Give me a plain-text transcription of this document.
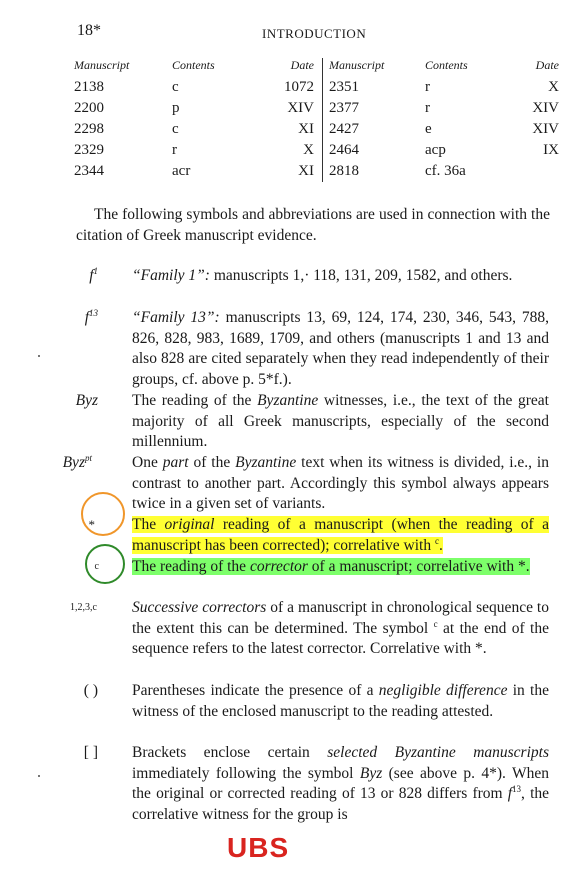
18*	INTRODUCTION
Manuscript	Contents	Date	Manuscript	Contents	Date
2138	c	1072	2351	r	X
2200	p	XIV	2377	r	XIV
2298	c	XI	2427	e	XIV
2329	r	X	2464	acp	IX
2344	acr	XI	2818	cf. 36a	
The following symbols and abbreviations are used in connection with the citation of Greek manuscript evidence.
$f^1$ “Family 1”: manuscripts 1,· 118, 131, 209, 1582, and others.
$f^{13}$ “Family 13”: manuscripts 13, 69, 124, 174, 230, 346, 543, 788, 826, 828, 983, 1689, 1709, and others (manuscripts 1 and 13 and also 828 are cited separately when they read independently of their groups, cf. above p. 5*f.).
Byz The reading of the Byzantine witnesses, i.e., the text of the great majority of all Greek manuscripts, especially of the second millennium.
Byz$^{pt}$	One part of the Byzantine text when its witness is divided, i.e., in contrast to another part. Accordingly this symbol always appears twice in a given set of variants.
* The original reading of a manuscript (when the reading of a manuscript has been corrected); correlative with $^c$.
$^c$ The reading of the corrector of a manuscript; correlative with *.
$^{1,2,3,c}$ Successive correctors of a manuscript in chronological sequence to the extent this can be determined. The symbol $^c$ at the end of the sequence refers to the latest corrector. Correlative with *.
( ) Parentheses indicate the presence of a negligible difference in the witness of the enclosed manuscript to the reading attested.
[ ] Brackets enclose certain selected Byzantine manuscripts immediately following the symbol Byz (see above p. 4*). When the original or corrected reading of 13 or 828 differs from $f^{13}$, the correlative witness for the group is
UBS
